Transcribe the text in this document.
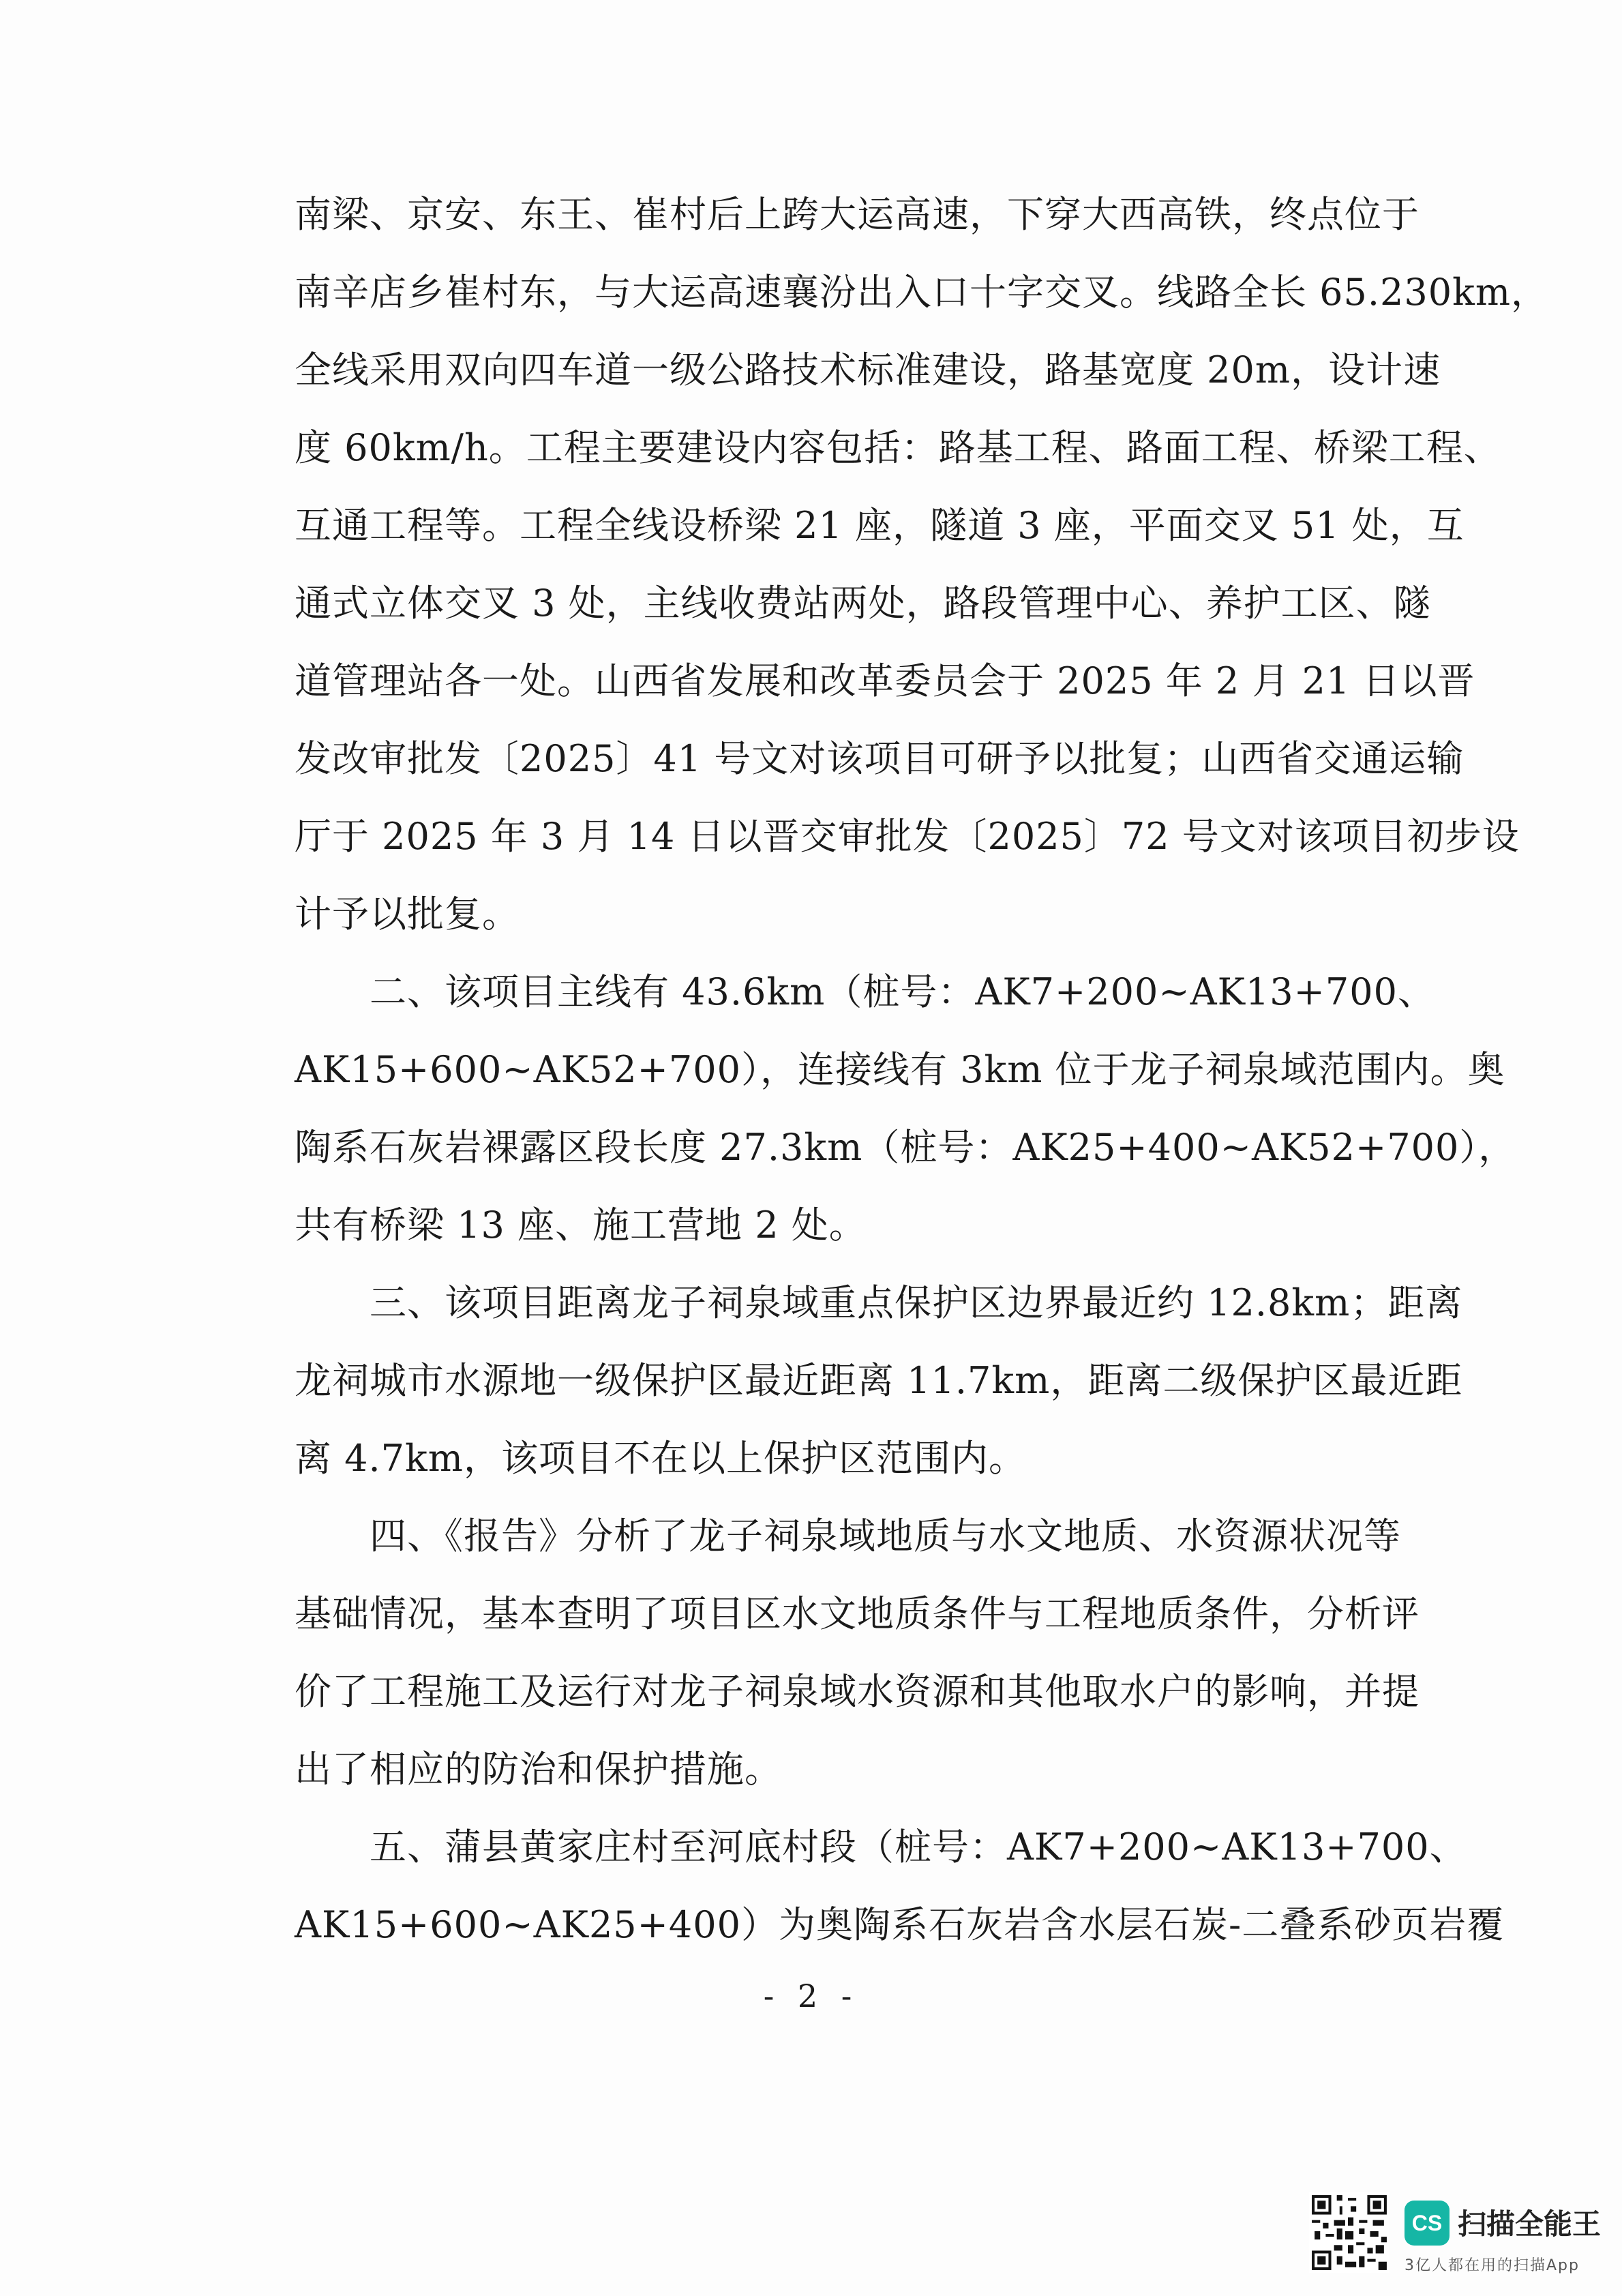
南梁、京安、东王、崔村后上跨大运高速，下穿大西高铁，终点位于
南辛店乡崔村东，与大运高速襄汾出入口十字交叉。线路全长 65.230km，
全线采用双向四车道一级公路技术标准建设，路基宽度 20m，设计速
度 60km/h。工程主要建设内容包括：路基工程、路面工程、桥梁工程、
互通工程等。工程全线设桥梁 21 座，隧道 3 座，平面交叉 51 处，互
通式立体交叉 3 处，主线收费站两处，路段管理中心、养护工区、隧
道管理站各一处。山西省发展和改革委员会于 2025 年 2 月 21 日以晋
发改审批发〔2025〕41 号文对该项目可研予以批复；山西省交通运输
厅于 2025 年 3 月 14 日以晋交审批发〔2025〕72 号文对该项目初步设
计予以批复。
　　二、该项目主线有 43.6km（桩号：AK7+200~AK13+700、
AK15+600~AK52+700），连接线有 3km 位于龙子祠泉域范围内。奥
陶系石灰岩裸露区段长度 27.3km（桩号：AK25+400~AK52+700），
共有桥梁 13 座、施工营地 2 处。
　　三、该项目距离龙子祠泉域重点保护区边界最近约 12.8km；距离
龙祠城市水源地一级保护区最近距离 11.7km，距离二级保护区最近距
离 4.7km，该项目不在以上保护区范围内。
　　四、《报告》分析了龙子祠泉域地质与水文地质、水资源状况等
基础情况，基本查明了项目区水文地质条件与工程地质条件，分析评
价了工程施工及运行对龙子祠泉域水资源和其他取水户的影响，并提
出了相应的防治和保护措施。
　　五、蒲县黄家庄村至河底村段（桩号：AK7+200~AK13+700、
AK15+600~AK25+400）为奥陶系石灰岩含水层石炭-二叠系砂页岩覆
- 2 -
CS 扫描全能王
3亿人都在用的扫描App
